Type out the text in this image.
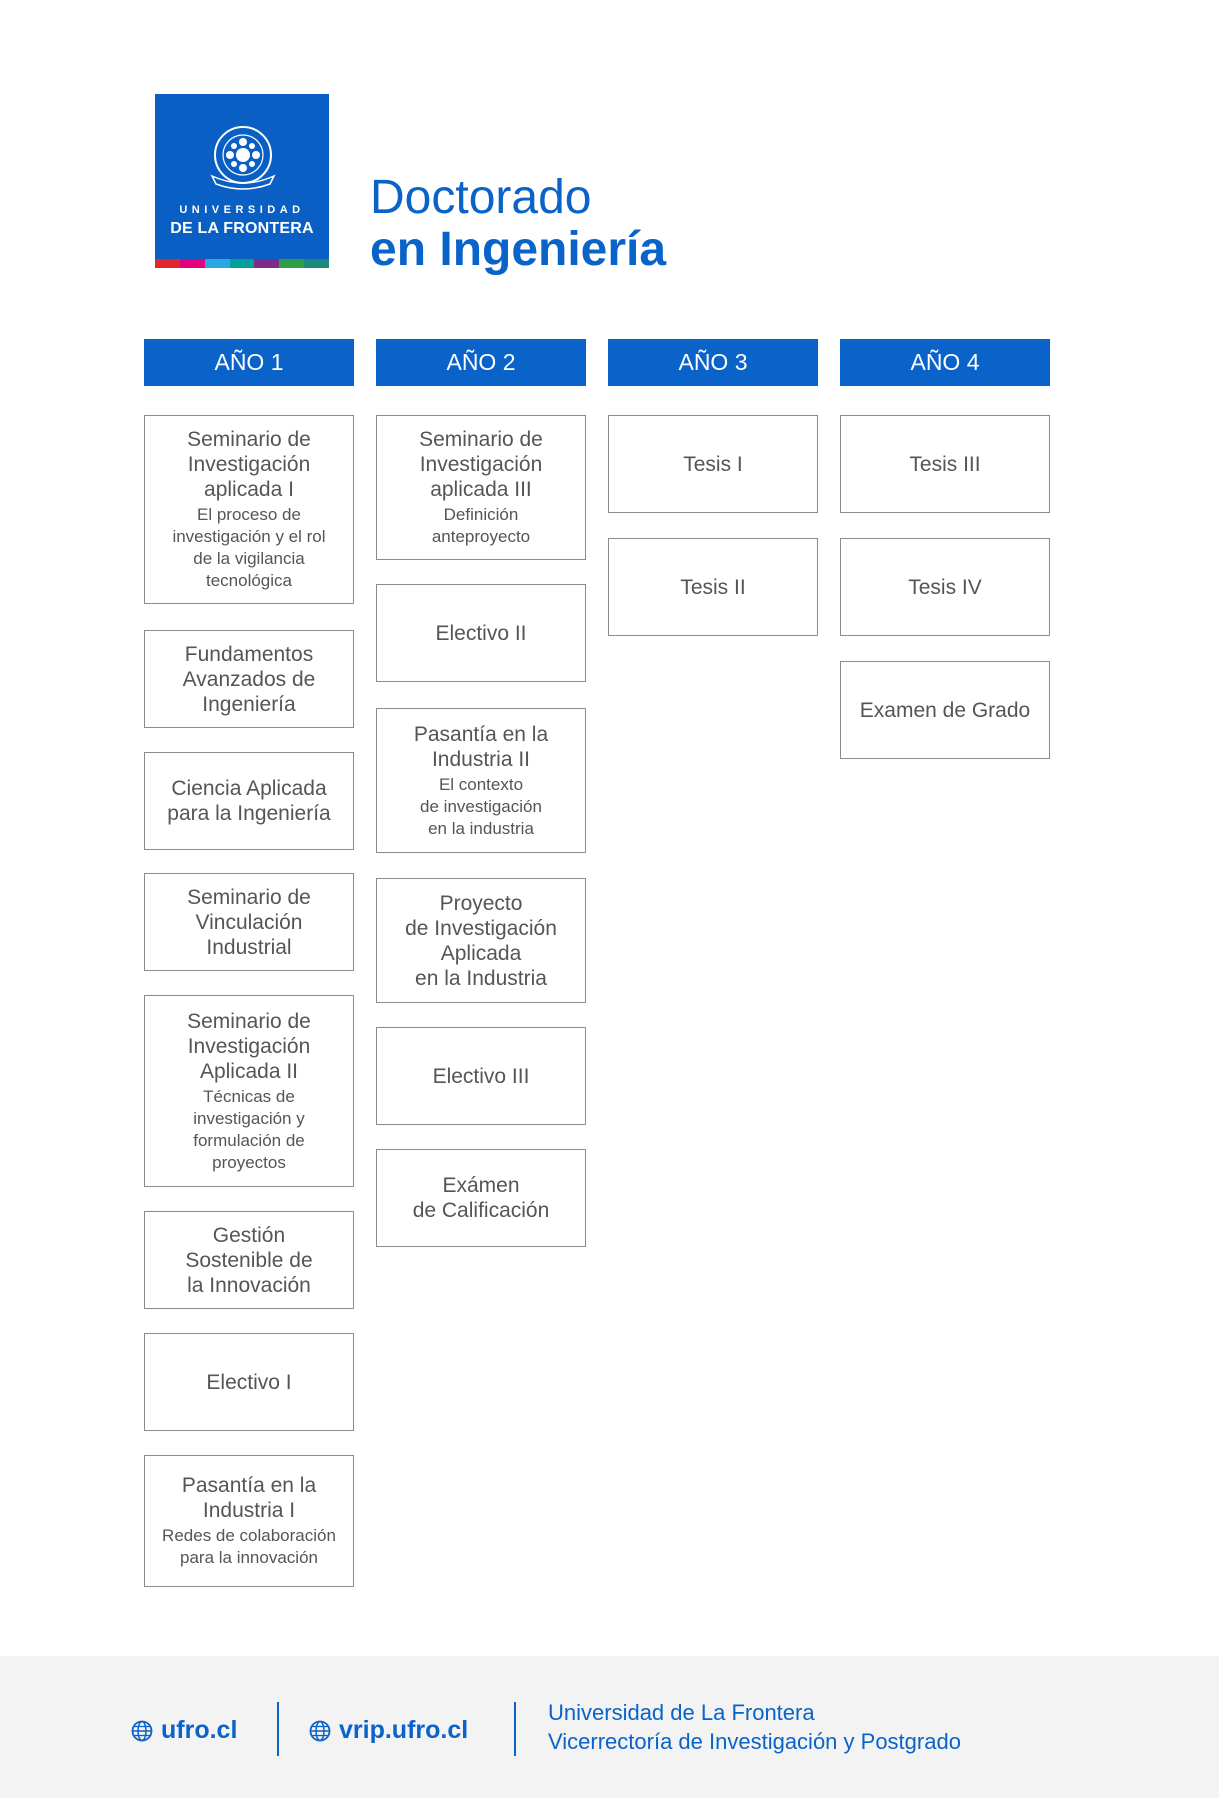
UNIVERSIDAD
DE LA FRONTERA
Doctorado
en Ingeniería
AÑO 1	AÑO 2	AÑO 3	AÑO 4
Seminario de
Investigación
aplicada I
El proceso de
investigación y el rol
de la vigilancia
tecnológica
Fundamentos
Avanzados de
Ingeniería
Ciencia Aplicada
para la Ingeniería
Seminario de
Vinculación
Industrial
Seminario de
Investigación
Aplicada II
Técnicas de
investigación y
formulación de
proyectos
Gestión
Sostenible de
la Innovación
Electivo I
Pasantía en la
Industria I
Redes de colaboración
para la innovación
Seminario de
Investigación
aplicada III
Definición
anteproyecto
Electivo II
Pasantía en la
Industria II
El contexto
de investigación
en la industria
Proyecto
de Investigación
Aplicada
en la Industria
Electivo III
Exámen
de Calificación
Tesis I
Tesis II
Tesis III
Tesis IV
Examen de Grado
ufro.cl	vrip.ufro.cl
Universidad de La Frontera
Vicerrectoría de Investigación y Postgrado
